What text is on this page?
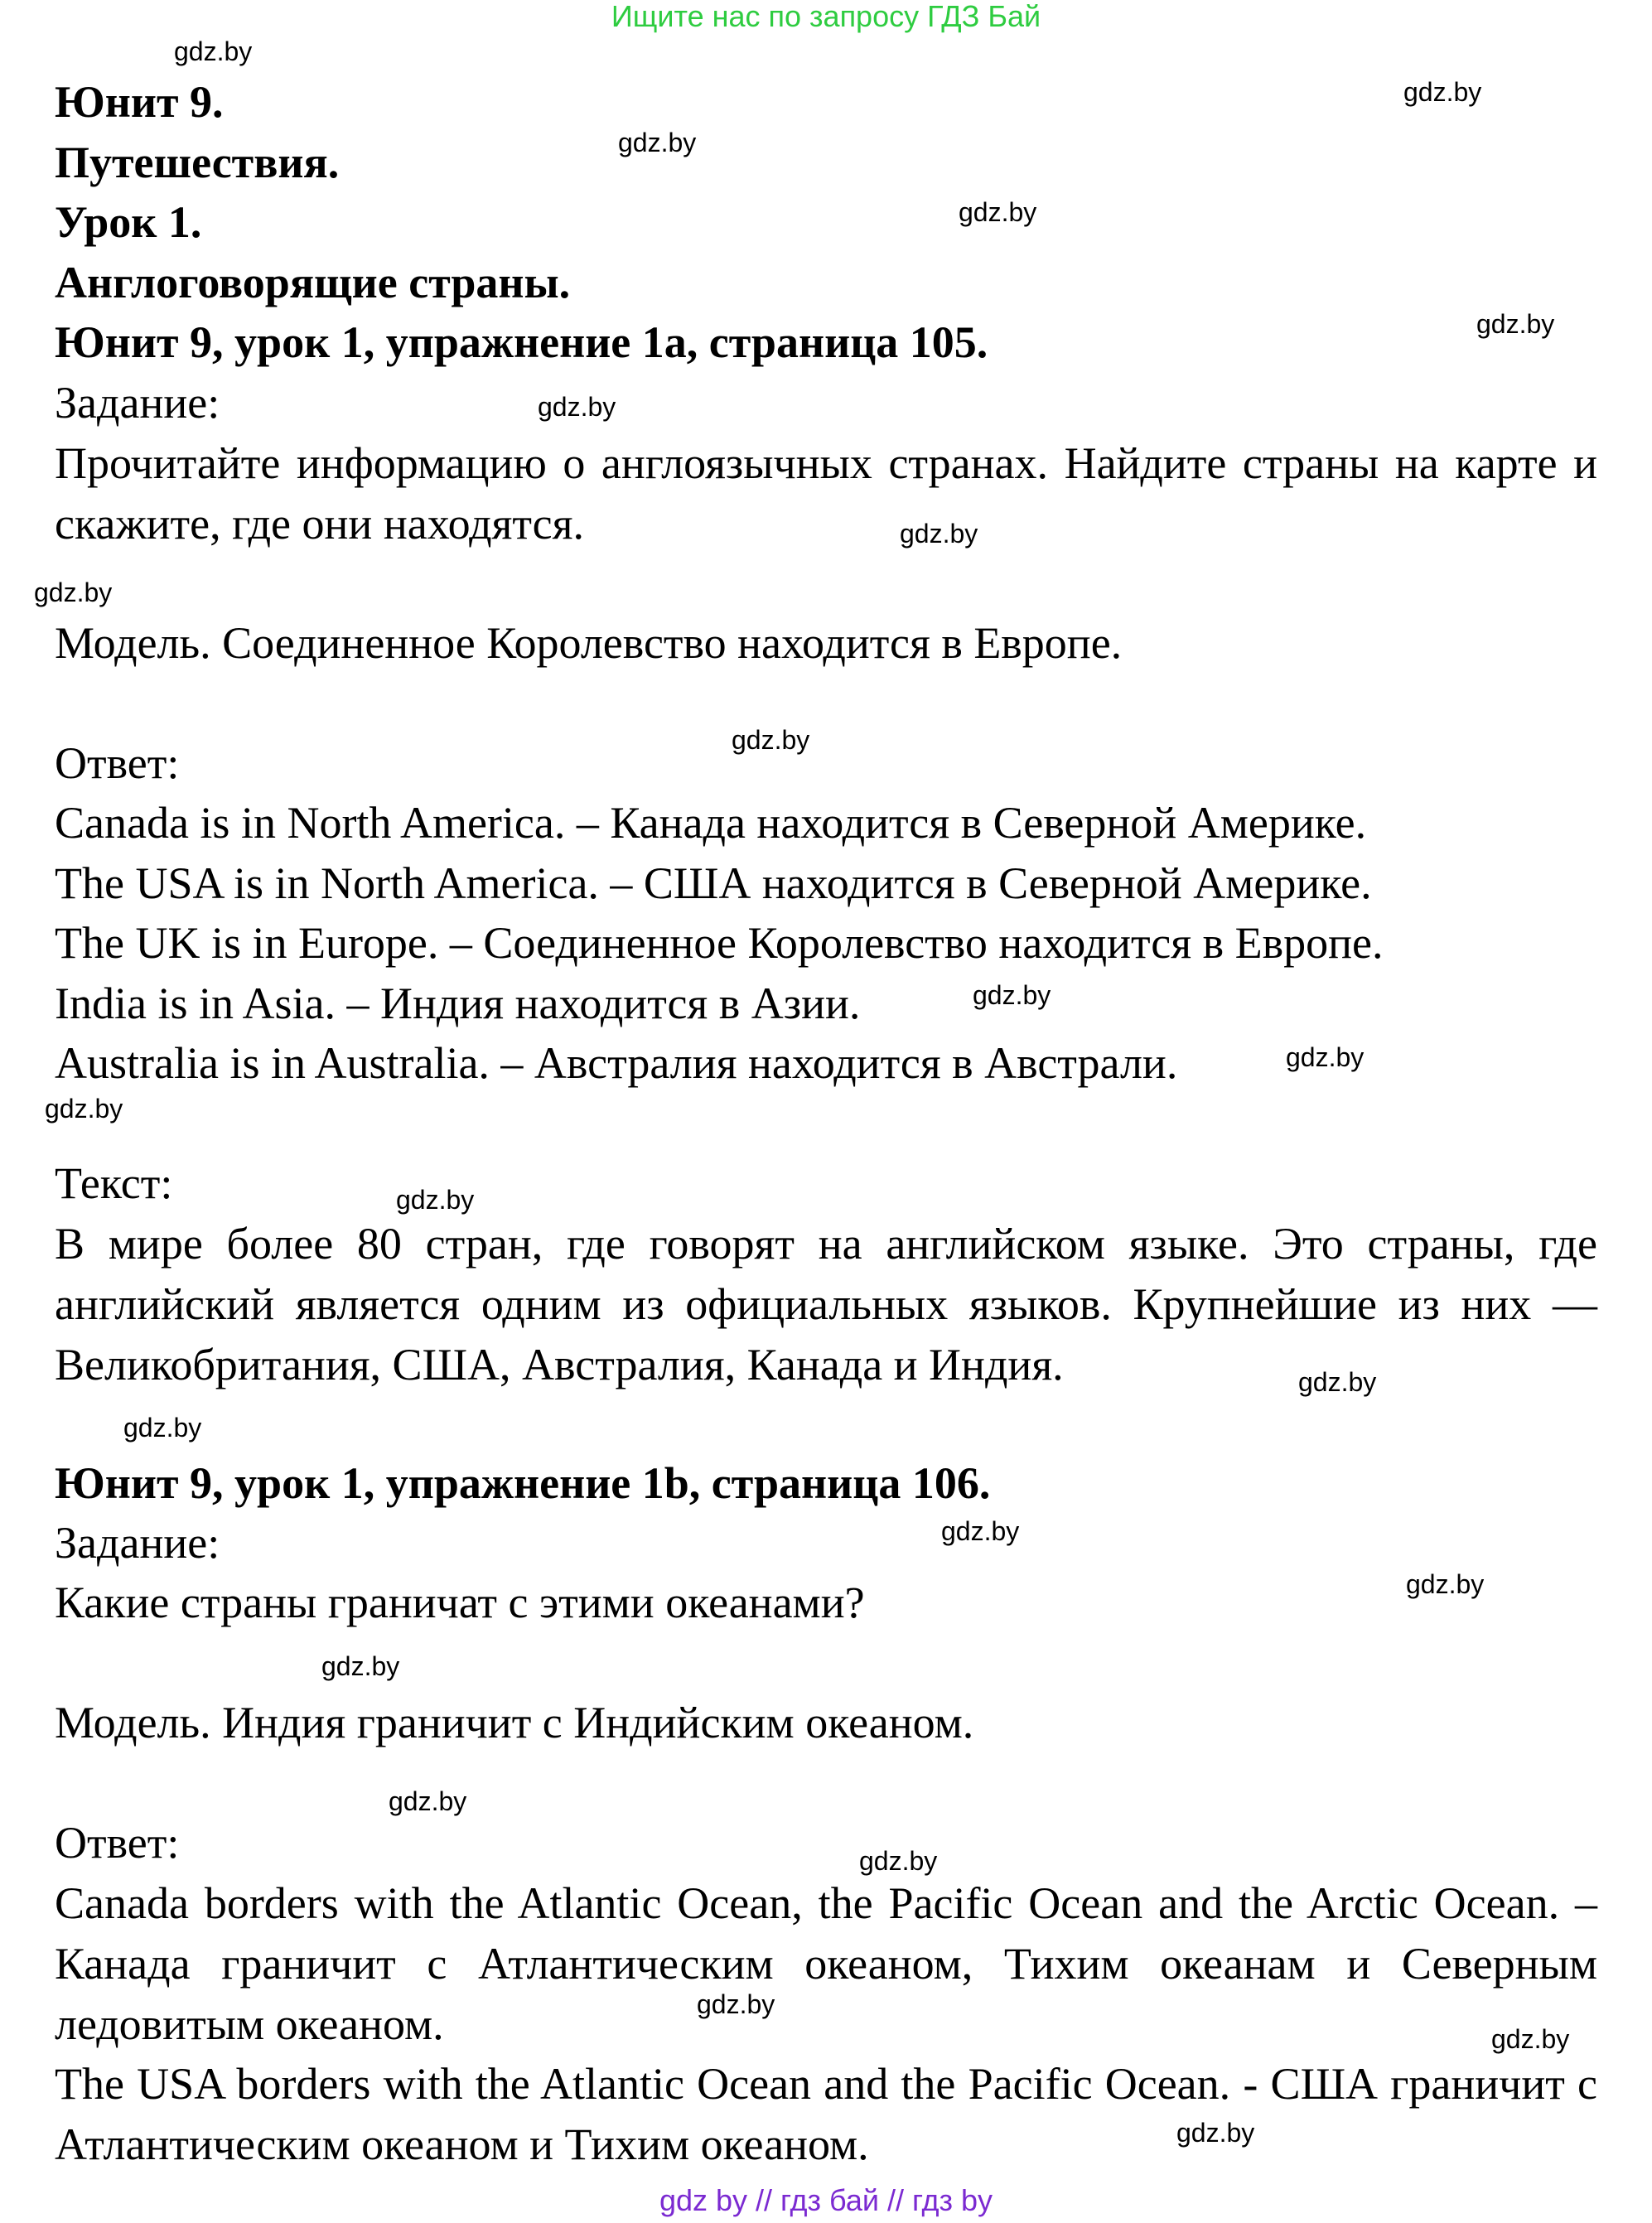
Ищите нас по запросу ГДЗ Бай
Юнит 9.
Путешествия.
Урок 1.
Англоговорящие страны.
Юнит 9, урок 1, упражнение 1a, страница 105.
Задание:
Прочитайте информацию о англоязычных странах. Найдите страны на карте и скажите, где они находятся.
Модель. Соединенное Королевство находится в Европе.
Ответ:
Canada is in North America. – Канада находится в Северной Америке.
The USA is in North America. – США находится в Северной Америке.
The UK is in Europe. – Соединенное Королевство находится в Европе.
India is in Asia. – Индия находится в Азии.
Australia is in Australia. – Австралия находится в Австрали.
Текст:
В мире более 80 стран, где говорят на английском языке. Это страны, где английский является одним из официальных языков. Крупнейшие из них — Великобритания, США, Австралия, Канада и Индия.
Юнит 9, урок 1, упражнение 1b, страница 106.
Задание:
Какие страны граничат с этими океанами?
Модель. Индия граничит с Индийским океаном.
Ответ:
Canada borders with the Atlantic Ocean, the Pacific Ocean and the Arctic Ocean. – Канада граничит с Атлантическим океаном, Тихим океанам и Северным ледовитым океаном.
The USA borders with the Atlantic Ocean and the Pacific Ocean. - США граничит с Атлантическим океаном и Тихим океаном.
gdz.by
gdz.by
gdz.by
gdz.by
gdz.by
gdz.by
gdz.by
gdz.by
gdz.by
gdz.by
gdz.by
gdz.by
gdz.by
gdz.by
gdz.by
gdz.by
gdz.by
gdz.by
gdz.by
gdz.by
gdz.by
gdz.by
gdz.by
gdz by // гдз бай // гдз by
